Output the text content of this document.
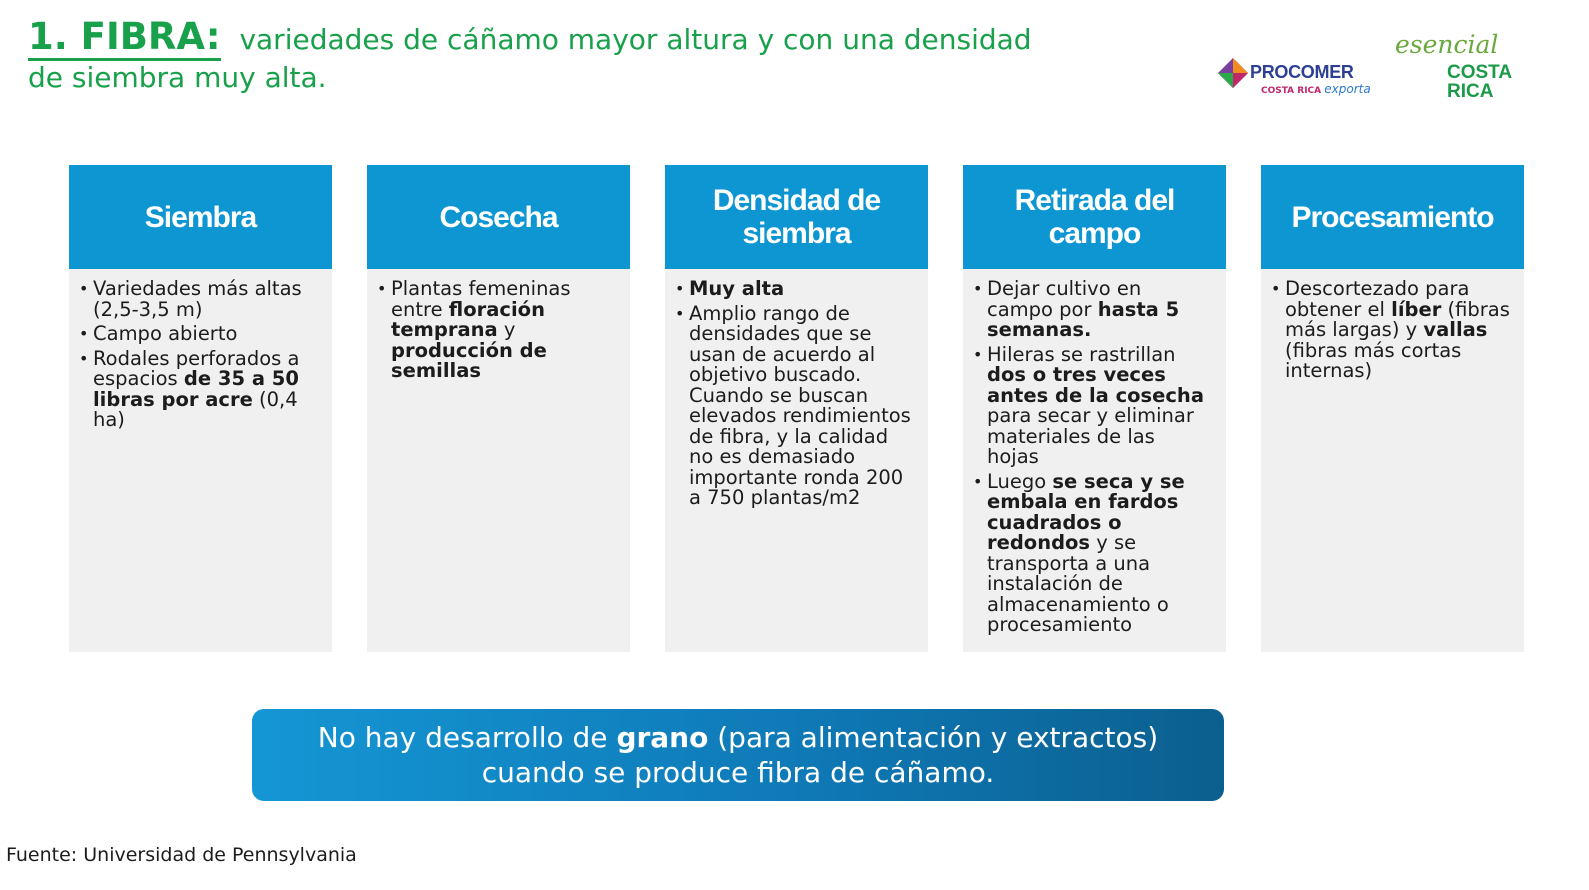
1. FIBRA: variedades de cáñamo mayor altura y con una densidad
de siembra muy alta.	PROCOMER
COSTA RICA exporta
esencial
COSTA
RICA
Siembra
• Variedades más altas (2,5-3,5 m)
• Campo abierto
• Rodales perforados a espacios de 35 a 50 libras por acre (0,4 ha)
Cosecha
• Plantas femeninas entre floración temprana y producción de semillas
Densidad de siembra
• Muy alta
• Amplio rango de densidades que se usan de acuerdo al objetivo buscado. Cuando se buscan elevados rendimientos de fibra, y la calidad no es demasiado importante ronda 200 a 750 plantas/m2
Retirada del campo
• Dejar cultivo en campo por hasta 5 semanas.
• Hileras se rastrillan dos o tres veces antes de la cosecha para secar y eliminar materiales de las hojas
• Luego se seca y se embala en fardos cuadrados o redondos y se transporta a una instalación de almacenamiento o procesamiento
Procesamiento
• Descortezado para obtener el líber (fibras más largas) y vallas (fibras más cortas internas)
No hay desarrollo de grano (para alimentación y extractos)
cuando se produce fibra de cáñamo.
Fuente: Universidad de Pennsylvania
